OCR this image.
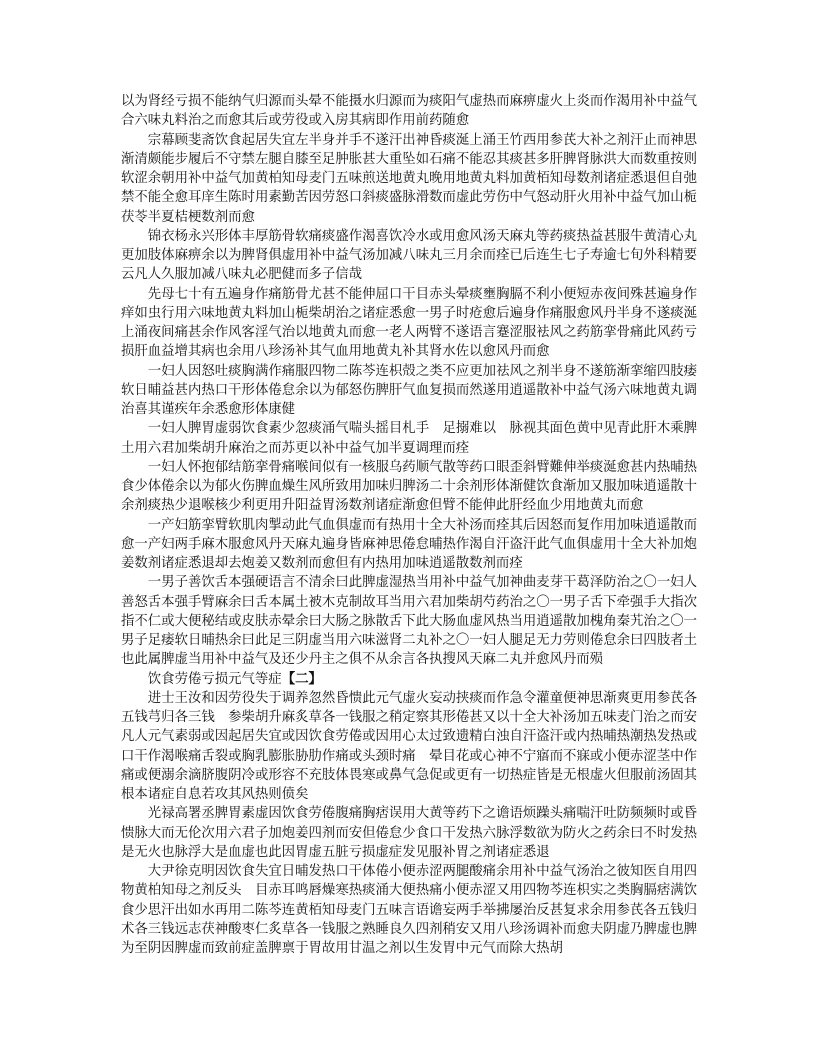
以为肾经亏损不能纳气归源而头晕不能摄水归源而为痰阳气虚热而麻痹虚火上炎而作渴用补中益气合六味丸料治之而愈其后或劳役或入房其病即作用前药随愈

宗幕顾斐斋饮食起居失宜左半身并手不遂汗出神昏痰涎上涌王竹西用参芪大补之剂汗止而神思渐清颇能步履后不守禁左腿自膝至足肿胀甚大重坠如石痛不能忍其痰甚多肝脾肾脉洪大而数重按则软涩余朝用补中益气加黄柏知母麦门五味煎送地黄丸晚用地黄丸料加黄栢知母数剂诸症悉退但自弛禁不能全愈耳庠生陈时用素勤苦因劳怒口斜痰盛脉滑数而虚此劳伤中气怒动肝火用补中益气加山栀茯苓半夏桔梗数剂而愈

锦衣杨永兴形体丰厚筋骨软痛痰盛作渴喜饮冷水或用愈风汤天麻丸等药痰热益甚服牛黄清心丸更加肢体麻痹余以为脾肾俱虚用补中益气汤加减八味丸三月余而痊已后连生七子寿逾七旬外科精要云凡人久服加减八味丸必肥健而多子信哉

先母七十有五遍身作痛筋骨尤甚不能伸屈口干目赤头晕痰壅胸膈不利小便短赤夜间殊甚遍身作痒如虫行用六味地黄丸料加山栀柴胡治之诸症悉愈一男子时疮愈后遍身作痛服愈风丹半身不遂痰涎上涌夜间痛甚余作风客淫气治以地黄丸而愈一老人两臂不遂语言蹇涩服袪风之药筋挛骨痛此风药亏损肝血益增其病也余用八珍汤补其气血用地黄丸补其肾水佐以愈风丹而愈

一妇人因怒吐痰胸满作痛服四物二陈芩连枳殻之类不应更加祛风之剂半身不遂筋渐挛缩四肢痿软日晡益甚内热口干形体倦怠余以为郁怒伤脾肝气血复损而然遂用逍遥散补中益气汤六味地黄丸调治喜其谨疾年余悉愈形体康健

一妇人脾胃虚弱饮食素少忽痰涌气喘头摇目札手　足搦难以　脉视其面色黄中见青此肝木乘脾土用六君加柴胡升麻治之而苏更以补中益气加半夏调理而痊

一妇人怀抱郁结筋挛骨痛喉间似有一核服乌药顺气散等药口眼歪斜臂難伸举痰涎愈甚内热晡热食少体倦余以为郁火伤脾血燥生风所致用加味归脾汤二十余剂形体渐健饮食渐加又服加味逍遥散十余剂痰热少退喉核少利更用升阳益胃汤数剂诸症渐愈但臂不能伸此肝经血少用地黄丸而愈

一产妇筋挛臂软肌肉掣动此气血俱虚而有热用十全大补汤而痊其后因怒而复作用加味逍遥散而愈一产妇两手麻木服愈风丹天麻丸遍身皆麻神思倦怠晡热作渴自汗盗汗此气血俱虚用十全大补加炮姜数剂诸症悉退却去炮姜又数剂而愈但有内热用加味逍遥散数剂而痊

一男子善饮舌本强硬语言不清余曰此脾虚湿热当用补中益气加神曲麦芽干葛泽防治之〇一妇人善怒舌本强手臂麻余曰舌本属土被木克制故耳当用六君加柴胡芍药治之〇一男子舌下牵强手大指次指不仁或大便秘结或皮肤赤晕余曰大肠之脉散舌下此大肠血虚风热当用逍遥散加槐角秦艽治之〇一男子足痿软日晡热余曰此足三阴虚当用六味滋肾二丸补之〇一妇人腿足无力劳则倦怠余曰四肢者土也此属脾虚当用补中益气及还少丹主之俱不从余言各执搜风天麻二丸并愈风丹而殒

饮食劳倦亏损元气等症【二】

进士王汝和因劳役失于调养忽然昏愦此元气虚火妄动挟痰而作急令灌童便神思渐爽更用参芪各五钱芎归各三钱　参柴胡升麻炙草各一钱服之稍定察其形倦甚又以十全大补汤加五味麦门治之而安凡人元气素弱或因起居失宜或因饮食劳倦或因用心太过致遗精白浊自汗盗汗或内热晡热潮热发热或口干作渴喉痛舌裂或胸乳膨胀胁肋作痛或头颈时痛　晕目花或心神不宁寤而不寐或小便赤涩茎中作痛或便溺余滴脐腹阴冷或形容不充肢体畏寒或鼻气急促或更有一切热症皆是无根虚火但服前汤固其根本诸症自息若攻其风热则偾矣

光禄高署丞脾胃素虚因饮食劳倦腹痛胸痞误用大黄等药下之谵语烦躁头痛喘汗吐防频频时或昏愦脉大而无伦次用六君子加炮姜四剂而安但倦怠少食口干发热六脉浮数欲为防火之药余曰不时发热是无火也脉浮大是血虚也此因胃虚五脏亏损虚症发见服补胃之剂诸症悉退

大尹徐克明因饮食失宜日晡发热口干体倦小便赤涩两腿酸痛余用补中益气汤治之彼知医自用四物黄柏知母之剂反头　目赤耳鸣唇燥寒热痰涌大便热痛小便赤涩又用四物芩连枳实之类胸膈痞满饮食少思汗出如水再用二陈芩连黄栢知母麦门五味言语谵妄两手举拂屡治反甚复求余用参芪各五钱归术各三钱远志茯神酸枣仁炙草各一钱服之熟睡良久四剂稍安又用八珍汤调补而愈夫阴虚乃脾虚也脾为至阴因脾虚而致前症盖脾禀于胃故用甘温之剂以生发胃中元气而除大热胡
